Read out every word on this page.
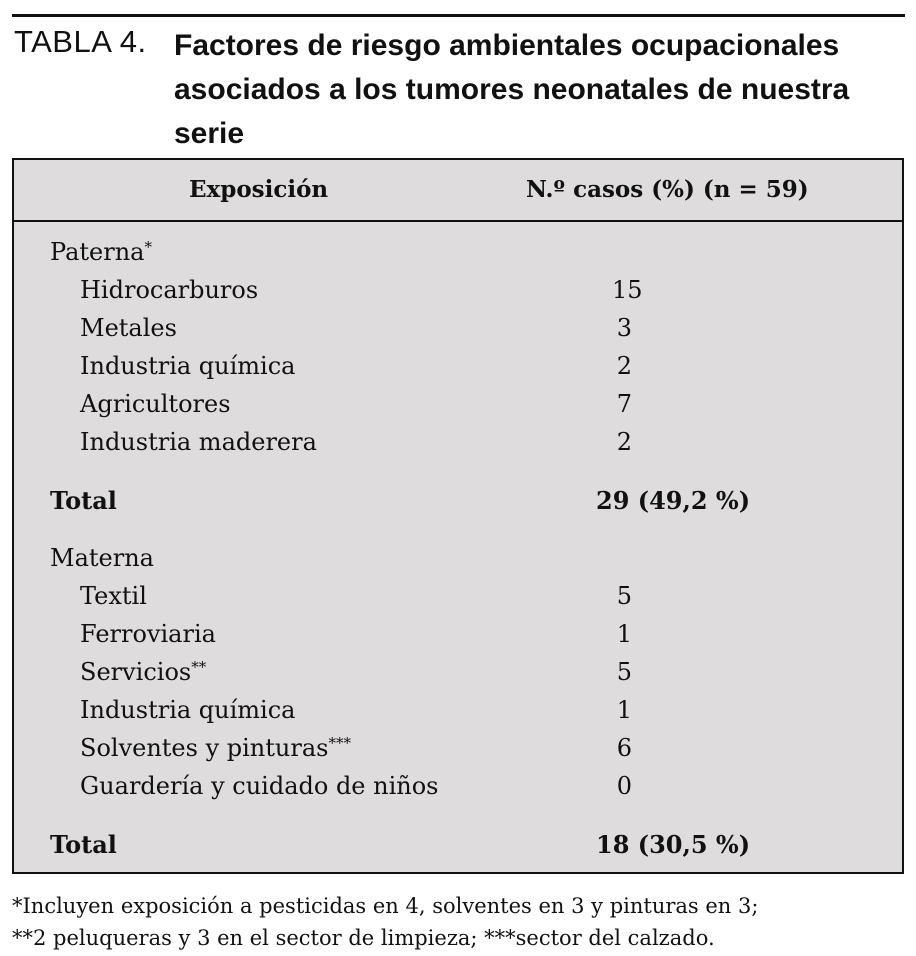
TABLA 4. Factores de riesgo ambientales ocupacionales asociados a los tumores neonatales de nuestra serie
Exposición	N.º casos (%) (n = 59)
Paterna*
Hidrocarburos	15
Metales	3
Industria química	2
Agricultores	7
Industria maderera	2
Total	29 (49,2 %)
Materna
Textil	5
Ferroviaria	1
Servicios**	5
Industria química	1
Solventes y pinturas***	6
Guardería y cuidado de niños	0
Total	18 (30,5 %)
*Incluyen exposición a pesticidas en 4, solventes en 3 y pinturas en 3;
**2 peluqueras y 3 en el sector de limpieza; ***sector del calzado.
